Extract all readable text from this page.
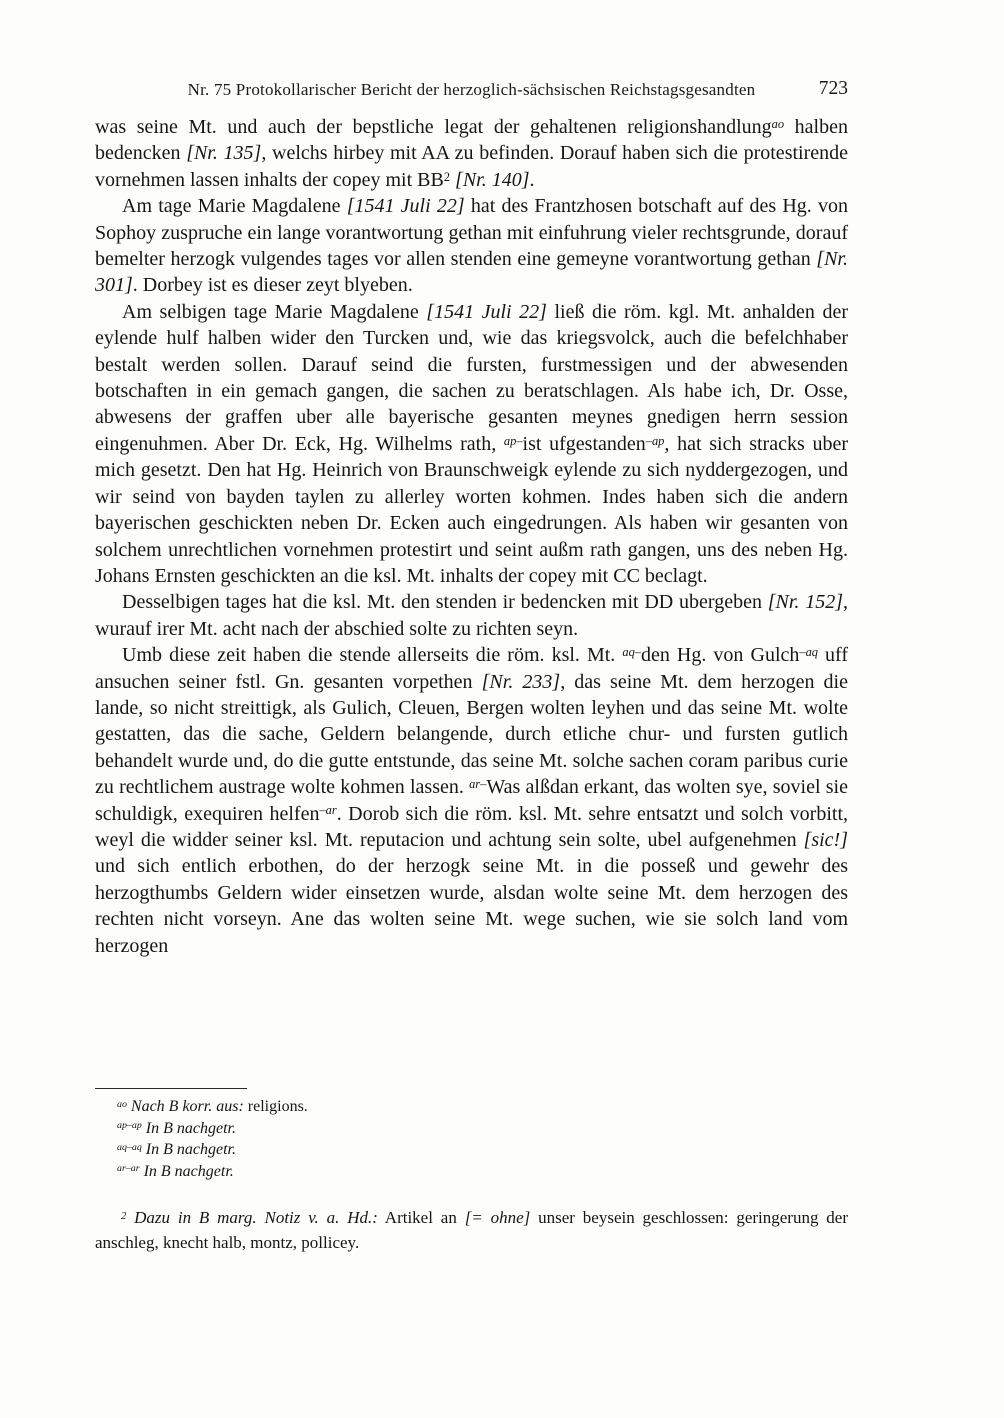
Nr. 75 Protokollarischer Bericht der herzoglich-sächsischen Reichstagsgesandten	723

was seine Mt. und auch der bepstliche legat der gehaltenen religionshandlung$^{ao}$ halben bedencken [Nr. 135], welchs hirbey mit AA zu befinden. Dorauf haben sich die protestirende vornehmen lassen inhalts der copey mit $BB^2$ [Nr. 140].

Am tage Marie Magdalene [1541 Juli 22] hat des Frantzhosen botschaft auf des Hg. von Sophoy zuspruche ein lange vorantwortung gethan mit einfuhrung vieler rechtsgrunde, dorauf bemelter herzogk vulgendes tages vor allen stenden eine gemeyne vorantwortung gethan [Nr. 301]. Dorbey ist es dieser zeyt blyeben.

Am selbigen tage Marie Magdalene [1541 Juli 22] ließ die röm. kgl. Mt. anhalden der eylende hulf halben wider den Turcken und, wie das kriegsvolck, auch die befelchhaber bestalt werden sollen. Darauf seind die fursten, furstmessigen und der abwesenden botschaften in ein gemach gangen, die sachen zu beratschlagen. Als habe ich, Dr. Osse, abwesens der graffen uber alle bayerische gesanten meynes gnedigen herrn session eingenuhmen. Aber Dr. Eck, Hg. Wilhelms rath, $^{ap-}$ist ufgestanden$^{-ap}$, hat sich stracks uber mich gesetzt. Den hat Hg. Heinrich von Braunschweigk eylende zu sich nyddergezogen, und wir seind von bayden taylen zu allerley worten kohmen. Indes haben sich die andern bayerischen geschickten neben Dr. Ecken auch eingedrungen. Als haben wir gesanten von solchem unrechtlichen vornehmen protestirt und seint außm rath gangen, uns des neben Hg. Johans Ernsten geschickten an die ksl. Mt. inhalts der copey mit CC beclagt.

Desselbigen tages hat die ksl. Mt. den stenden ir bedencken mit DD ubergeben [Nr. 152], wurauf irer Mt. acht nach der abschied solte zu richten seyn.

Umb diese zeit haben die stende allerseits die röm. ksl. Mt. $^{aq-}$den Hg. von Gulch$^{-aq}$ uff ansuchen seiner fstl. Gn. gesanten vorpethen [Nr. 233], das seine Mt. dem herzogen die lande, so nicht streittigk, als Gulich, Cleuen, Bergen wolten leyhen und das seine Mt. wolte gestatten, das die sache, Geldern belangende, durch etliche chur- und fursten gutlich behandelt wurde und, do die gutte entstunde, das seine Mt. solche sachen coram paribus curie zu rechtlichem austrage wolte kohmen lassen. $^{ar-}$Was alßdan erkant, das wolten sye, soviel sie schuldigk, exequiren helfen$^{-ar}$. Dorob sich die röm. ksl. Mt. sehre entsatzt und solch vorbitt, weyl die widder seiner ksl. Mt. reputacion und achtung sein solte, ubel aufgenehmen [sic!] und sich entlich erbothen, do der herzogk seine Mt. in die posseß und gewehr des herzogthumbs Geldern wider einsetzen wurde, alsdan wolte seine Mt. dem herzogen des rechten nicht vorseyn. Ane das wolten seine Mt. wege suchen, wie sie solch land vom herzogen

$^{ao}$ Nach B korr. aus: religions.
$^{ap-ap}$ In B nachgetr.
$^{aq-aq}$ In B nachgetr.
$^{ar-ar}$ In B nachgetr.
$^2$ Dazu in B marg. Notiz v. a. Hd.: Artikel an [= ohne] unser beysein geschlossen: geringerung der anschleg, knecht halb, montz, pollicey.
